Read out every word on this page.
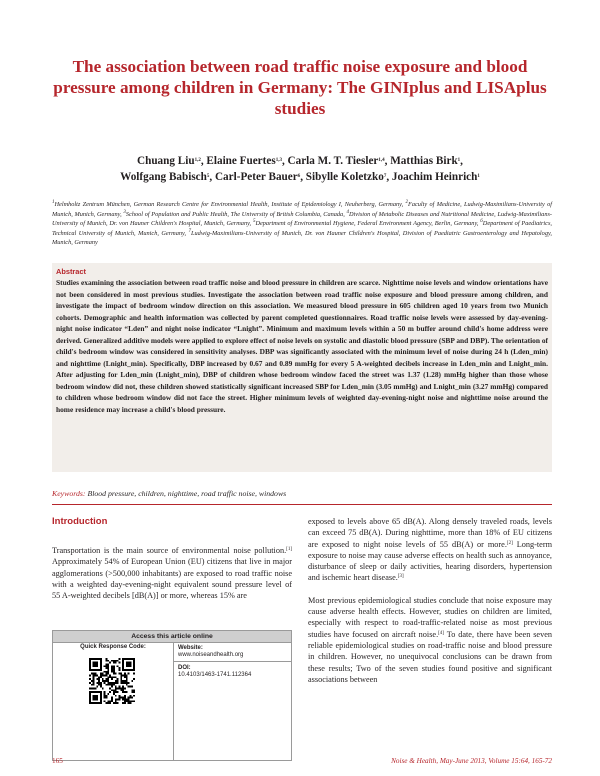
The association between road traffic noise exposure and blood pressure among children in Germany: The GINIplus and LISAplus studies
Chuang Liu$^{1,2}$, Elaine Fuertes$^{1,3}$, Carla M. T. Tiesler$^{1,4}$, Matthias Birk$^1$,
Wolfgang Babisch$^5$, Carl-Peter Bauer$^6$, Sibylle Koletzko$^7$, Joachim Heinrich$^1$
$^1$Helmholtz Zentrum München, German Research Centre for Environmental Health, Institute of Epidemiology I, Neuherberg, Germany, $^2$Faculty of Medicine, Ludwig-Maximilians-University of Munich, Munich, Germany, $^3$School of Population and Public Health, The University of British Columbia, Canada, $^4$Division of Metabolic Diseases and Nutritional Medicine, Ludwig-Maximilians-University of Munich, Dr. von Hauner Children's Hospital, Munich, Germany, $^5$Department of Environmental Hygiene, Federal Environment Agency, Berlin, Germany, $^6$Department of Paediatrics, Technical University of Munich, Munich, Germany, $^7$Ludwig-Maximilians-University of Munich, Dr. von Hauner Children's Hospital, Division of Paediatric Gastroenterology and Hepatology, Munich, Germany
Abstract
Studies examining the association between road traffic noise and blood pressure in children are scarce. Nighttime noise levels and window orientations have not been considered in most previous studies. Investigate the association between road traffic noise exposure and blood pressure among children, and investigate the impact of bedroom window direction on this association. We measured blood pressure in 605 children aged 10 years from two Munich cohorts. Demographic and health information was collected by parent completed questionnaires. Road traffic noise levels were assessed by day-evening-night noise indicator “Lden” and night noise indicator “Lnight”. Minimum and maximum levels within a 50 m buffer around child's home address were derived. Generalized additive models were applied to explore effect of noise levels on systolic and diastolic blood pressure (SBP and DBP). The orientation of child's bedroom window was considered in sensitivity analyses. DBP was significantly associated with the minimum level of noise during 24 h (Lden_min) and nighttime (Lnight_min). Specifically, DBP increased by 0.67 and 0.89 mmHg for every 5 A-weighted decibels increase in Lden_min and Lnight_min. After adjusting for Lden_min (Lnight_min), DBP of children whose bedroom window faced the street was 1.37 (1.28) mmHg higher than those whose bedroom window did not, these children showed statistically significant increased SBP for Lden_min (3.05 mmHg) and Lnight_min (3.27 mmHg) compared to children whose bedroom window did not face the street. Higher minimum levels of weighted day-evening-night noise and nighttime noise around the home residence may increase a child's blood pressure.
Keywords: Blood pressure, children, nighttime, road traffic noise, windows
Introduction

Transportation is the main source of environmental noise pollution.[1] Approximately 54% of European Union (EU) citizens that live in major agglomerations (>500,000 inhabitants) are exposed to road traffic noise with a weighted day-evening-night equivalent sound pressure level of 55 A-weighted decibels [dB(A)] or more, whereas 15% are

exposed to levels above 65 dB(A). Along densely traveled roads, levels can exceed 75 dB(A). During nighttime, more than 18% of EU citizens are exposed to night noise levels of 55 dB(A) or more.[2] Long-term exposure to noise may cause adverse effects on health such as annoyance, disturbance of sleep or daily activities, hearing disorders, hypertension and ischemic heart disease.[3]

Most previous epidemiological studies conclude that noise exposure may cause adverse health effects. However, studies on children are limited, especially with respect to road-traffic-related noise as most previous studies have focused on aircraft noise.[4] To date, there have been seven reliable epidemiological studies on road-traffic noise and blood pressure in children. However, no unequivocal conclusions can be drawn from these results; Two of the seven studies found positive and significant associations between

Access this article online
Quick Response Code:	Website:
www.noiseandhealth.org
DOI:
10.4103/1463-1741.112364
165	Noise & Health, May-June 2013, Volume 15:64, 165-72
